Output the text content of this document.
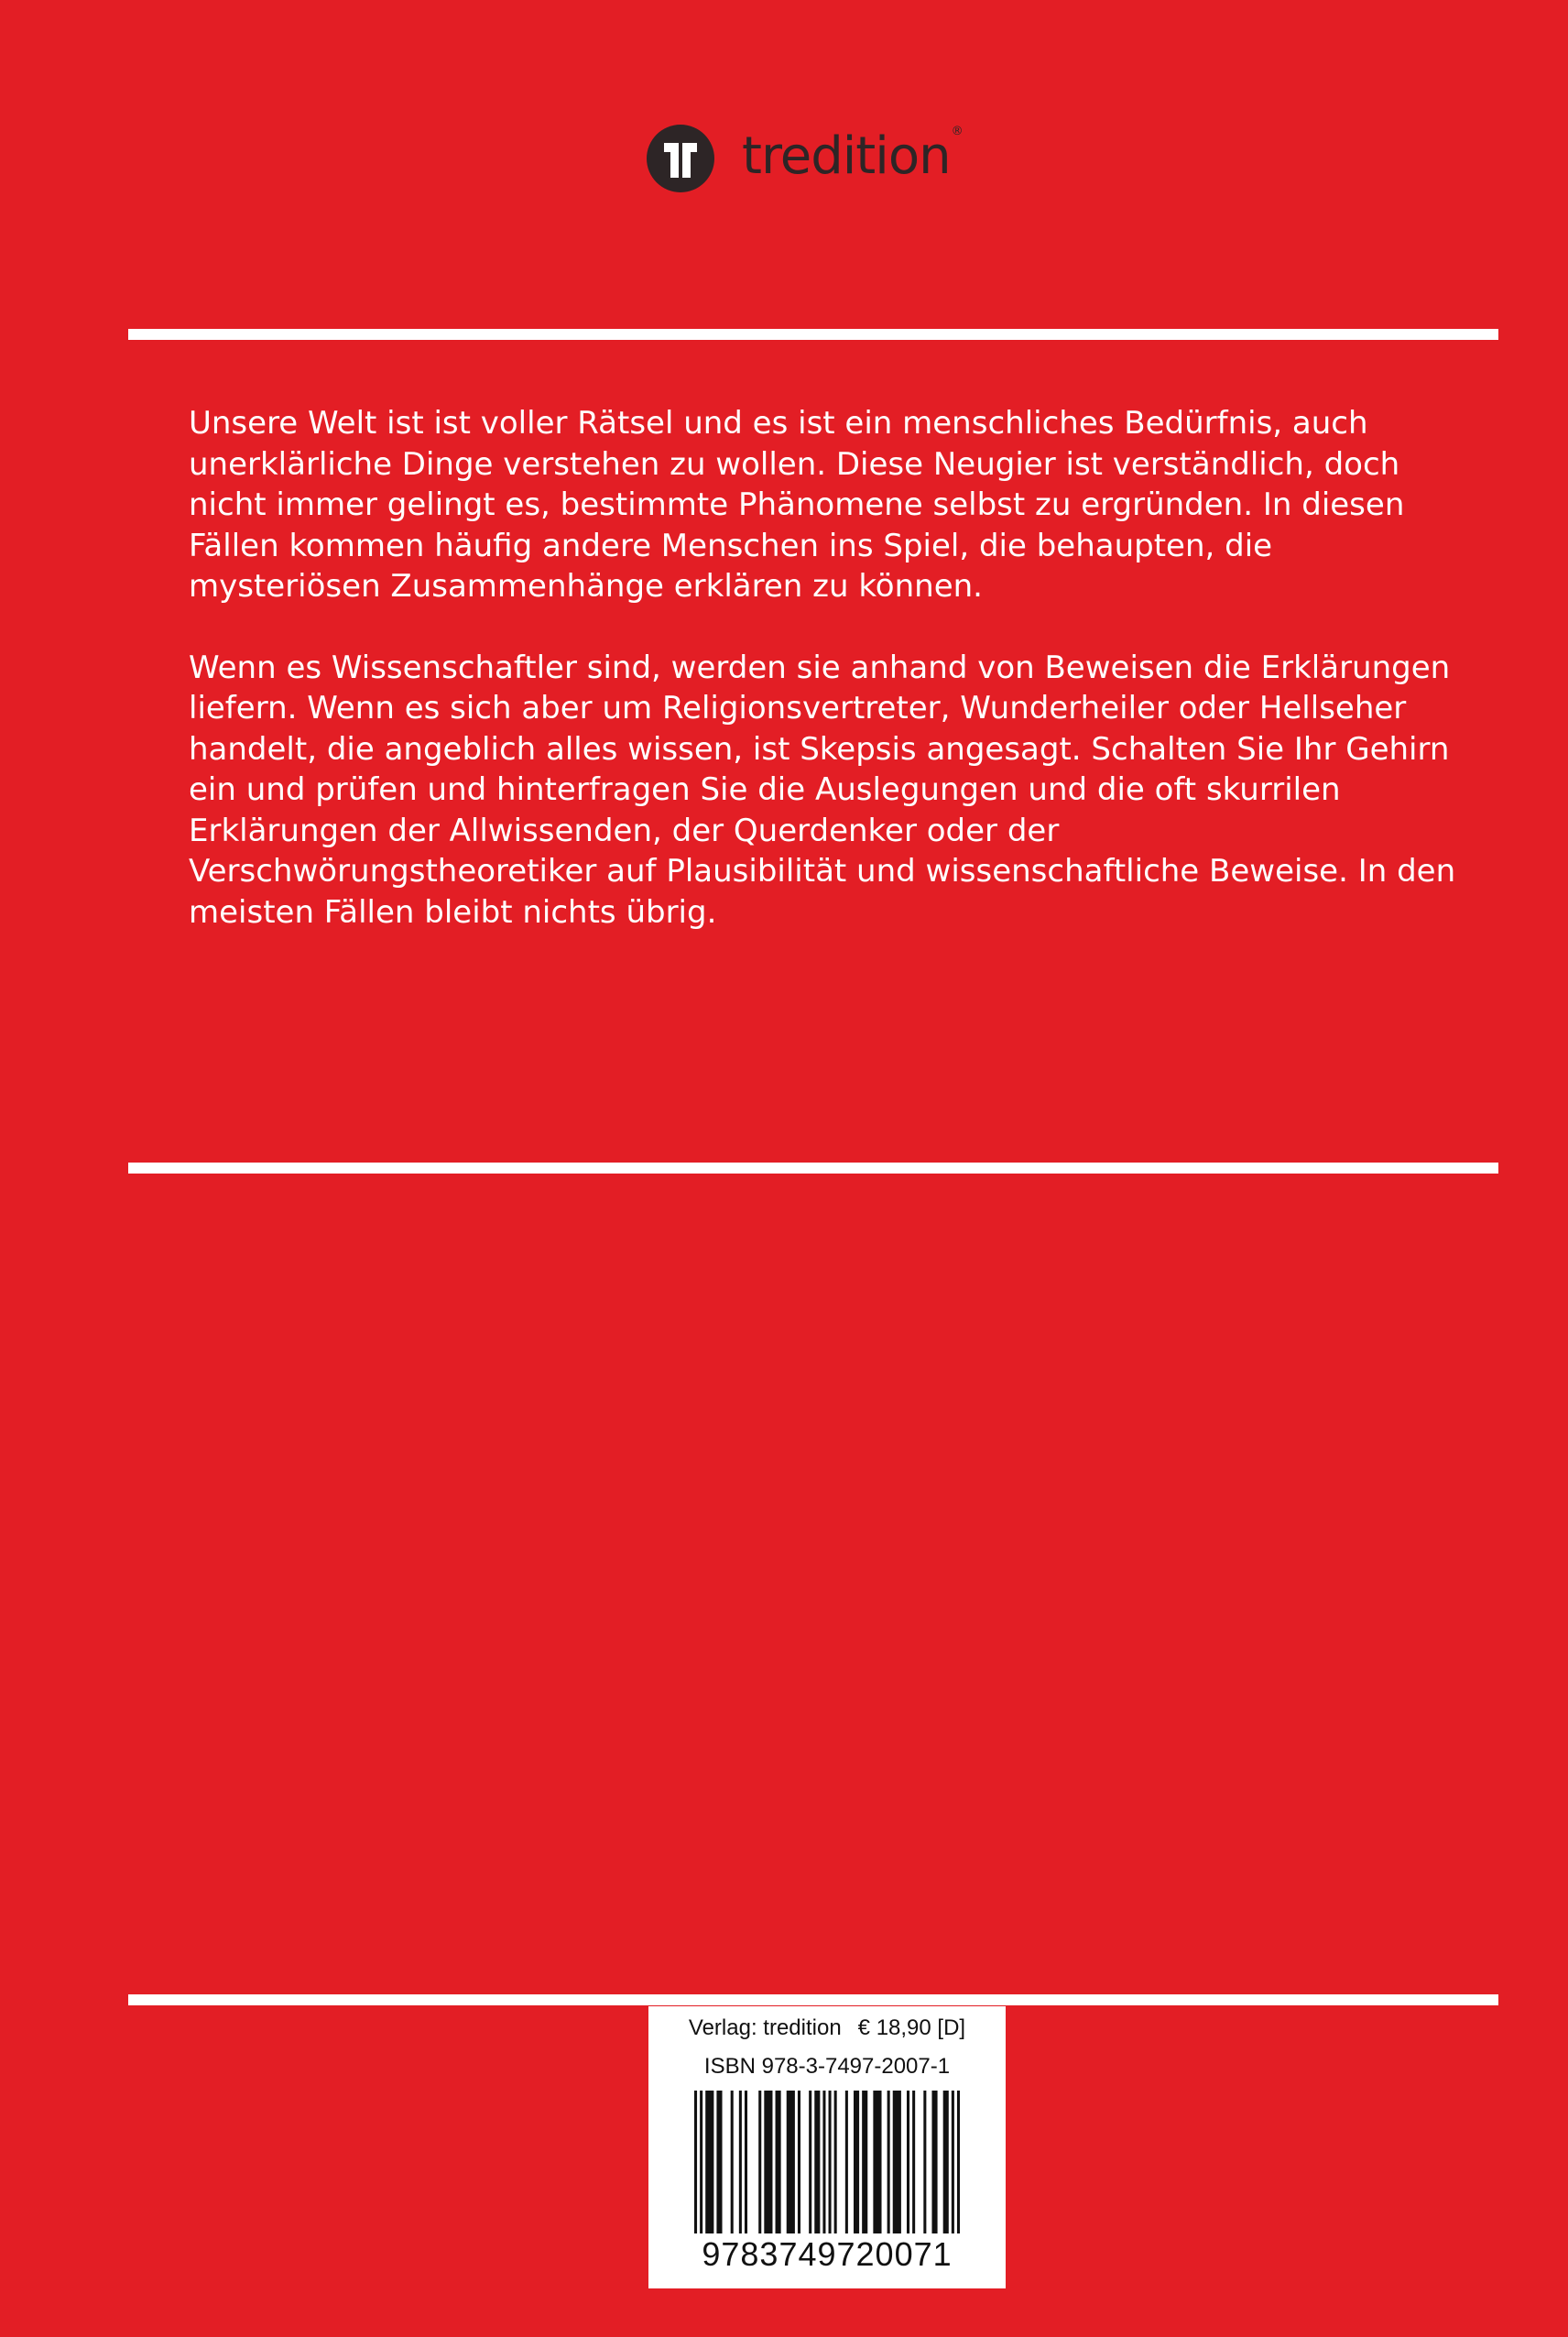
tredition ®

Unsere Welt ist ist voller Rätsel und es ist ein menschliches Bedürfnis, auch unerklärliche Dinge verstehen zu wollen. Diese Neugier ist verständlich, doch nicht immer gelingt es, bestimmte Phänomene selbst zu ergründen. In diesen Fällen kommen häufig andere Menschen ins Spiel, die behaupten, die mysteriösen Zusammenhänge erklären zu können.

Wenn es Wissenschaftler sind, werden sie anhand von Beweisen die Erklärungen liefern. Wenn es sich aber um Religionsvertreter, Wunderheiler oder Hellseher handelt, die angeblich alles wissen, ist Skepsis angesagt. Schalten Sie Ihr Gehirn ein und prüfen und hinterfragen Sie die Auslegungen und die oft skurrilen Erklärungen der Allwissenden, der Querdenker oder der Verschwörungstheoretiker auf Plausibilität und wissenschaftliche Beweise. In den meisten Fällen bleibt nichts übrig.

Verlag: tredition € 18,90 [D]
ISBN 978-3-7497-2007-1
9783749720071
